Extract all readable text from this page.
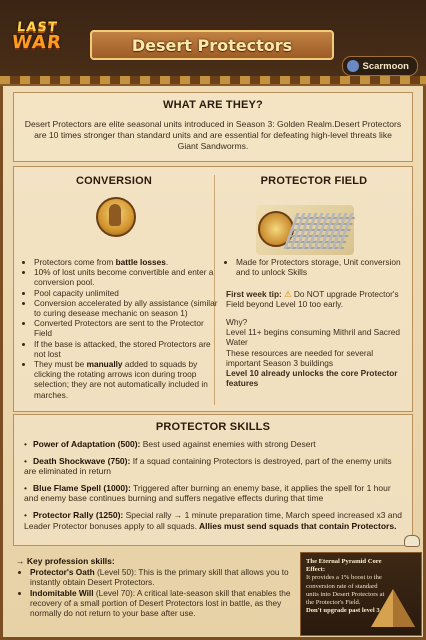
LAST
WAR	Desert Protectors
Scarmoon
WHAT ARE THEY?
Desert Protectors are elite seasonal units introduced in Season 3: Golden Realm.Desert Protectors are 10 times stronger than standard units and are essential for defeating high-level threats like Giant Sandworms.
CONVERSION
• Protectors come from battle losses.
• 10% of lost units become convertible and enter a conversion pool.
• Pool capacity unlimited
• Conversion accelerated by ally assistance (similar to curing desease mechanic on season 1)
• Converted Protectors are sent to the Protector Field
• If the base is attacked, the stored Protectors are not lost
• They must be manually added to squads by clicking the rotating arrows icon during troop selection; they are not automatically included in marches.
PROTECTOR FIELD
• Made for Protectors storage, Unit conversion and to unlock Skills
First week tip: ⚠ Do NOT upgrade Protector's Field beyond Level 10 too early.
Why?
Level 11+ begins consuming Mithril and Sacred Water
These resources are needed for several important Season 3 buildings
Level 10 already unlocks the core Protector features
PROTECTOR SKILLS

• Power of Adaptation (500): Best used against enemies with strong Desert

• Death Shockwave (750): If a squad containing Protectors is destroyed, part of the enemy units are eliminated in return

• Blue Flame Spell (1000): Triggered after burning an enemy base, it applies the spell for 1 hour and enemy base continues burning and suffers negative effects during that time

• Protector Rally (1250): Special rally → 1 minute preparation time, March speed increased x3 and Leader Protector bonuses apply to all squads. Allies must send squads that contain Protectors.

→ Key profession skills:
• Protector's Oath (Level 50): This is the primary skill that allows you to instantly obtain Desert Protectors.
• Indomitable Will (Level 70): A critical late-season skill that enables the recovery of a small portion of Desert Protectors lost in battle, as they normally do not return to your base after use.
The Eternal Pyramid Core Effect:
It provides a 1% boost to the conversion rate of standard units into Desert Protectors at the Protector's Field.
Don't upgrade past level 3
